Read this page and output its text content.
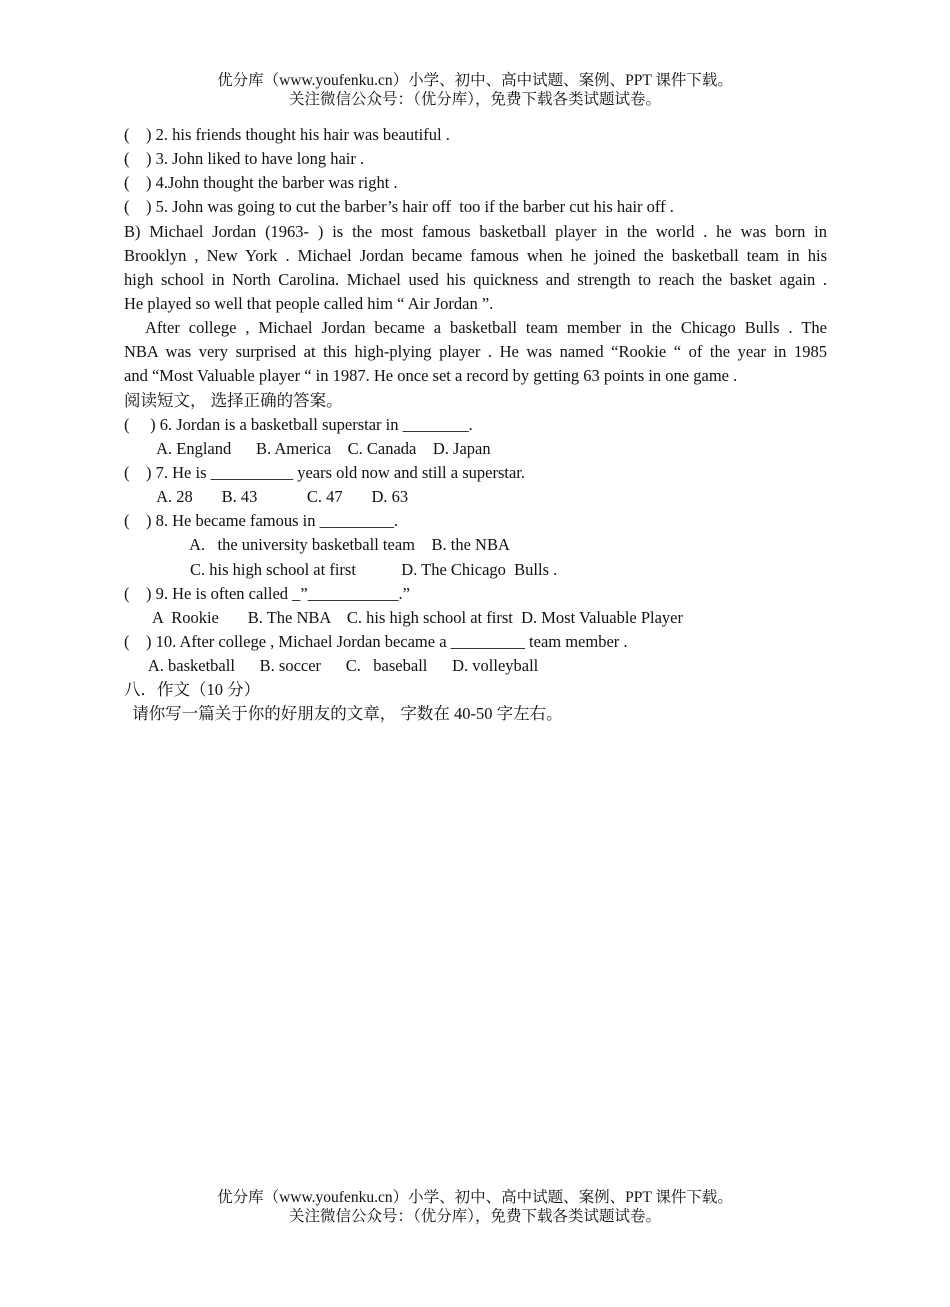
优分库（www.youfenku.cn）小学、初中、高中试题、案例、PPT 课件下载。
关注微信公众号：（优分库），免费下载各类试题试卷。
(    ) 2. his friends thought his hair was beautiful .
(    ) 3. John liked to have long hair .
(    ) 4.John thought the barber was right .
(    ) 5. John was going to cut the barber’s hair off  too if the barber cut his hair off .
B) Michael Jordan (1963- ) is the most famous basketball player in the world . he was born in
Brooklyn , New York . Michael Jordan became famous when he joined the basketball team in his
high school in North Carolina. Michael used his quickness and strength to reach the basket again .
He played so well that people called him “ Air Jordan ”.
After college , Michael Jordan became a basketball team member in the Chicago Bulls . The
NBA was very surprised at this high-plying player . He was named “Rookie “ of the year in 1985
and “Most Valuable player “ in 1987. He once set a record by getting 63 points in one game .
阅读短文， 选择正确的答案。
(     ) 6. Jordan is a basketball superstar in ________.
A. England      B. America    C. Canada    D. Japan
(    ) 7. He is __________ years old now and still a superstar.
A. 28       B. 43            C. 47       D. 63
(    ) 8. He became famous in _________.
A.   the university basketball team    B. the NBA
C. his high school at first           D. The Chicago  Bulls .
(    ) 9. He is often called _”___________.”
A  Rookie       B. The NBA    C. his high school at first  D. Most Valuable Player
(    ) 10. After college , Michael Jordan became a _________ team member .
A. basketball      B. soccer      C.   baseball      D. volleyball
八．作文（10 分）
请你写一篇关于你的好朋友的文章， 字数在 40-50 字左右。
优分库（www.youfenku.cn）小学、初中、高中试题、案例、PPT 课件下载。
关注微信公众号：（优分库），免费下载各类试题试卷。
